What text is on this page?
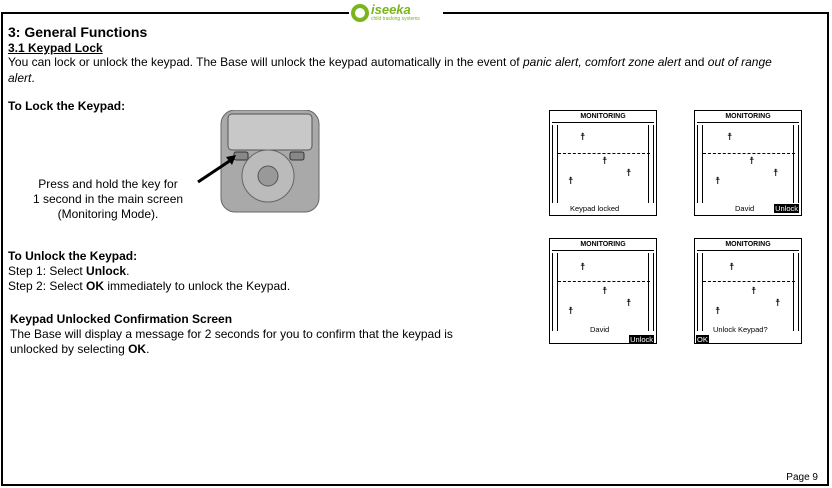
iseeka
child tracking systems
3: General Functions
3.1 Keypad Lock
You can lock or unlock the keypad. The Base will unlock the keypad automatically in the event of panic alert, comfort zone alert and out of range
alert.
To Lock the Keypad:
Press and hold the key for
1 second in the main screen
(Monitoring Mode).
To Unlock the Keypad:
Step 1: Select Unlock.
Step 2: Select OK immediately to unlock the Keypad.
Keypad Unlocked Confirmation Screen
The Base will display a message for 2 seconds for you to confirm that the keypad is
unlocked by selecting OK.
MONITORING
☨
☨
☨
☨
Keypad locked
MONITORING
☨
☨
☨
☨
David	Unlock
MONITORING
☨
☨
☨
☨
David
Unlock
MONITORING
☨
☨
☨
☨
Unlock Keypad?
OK
Page 9
